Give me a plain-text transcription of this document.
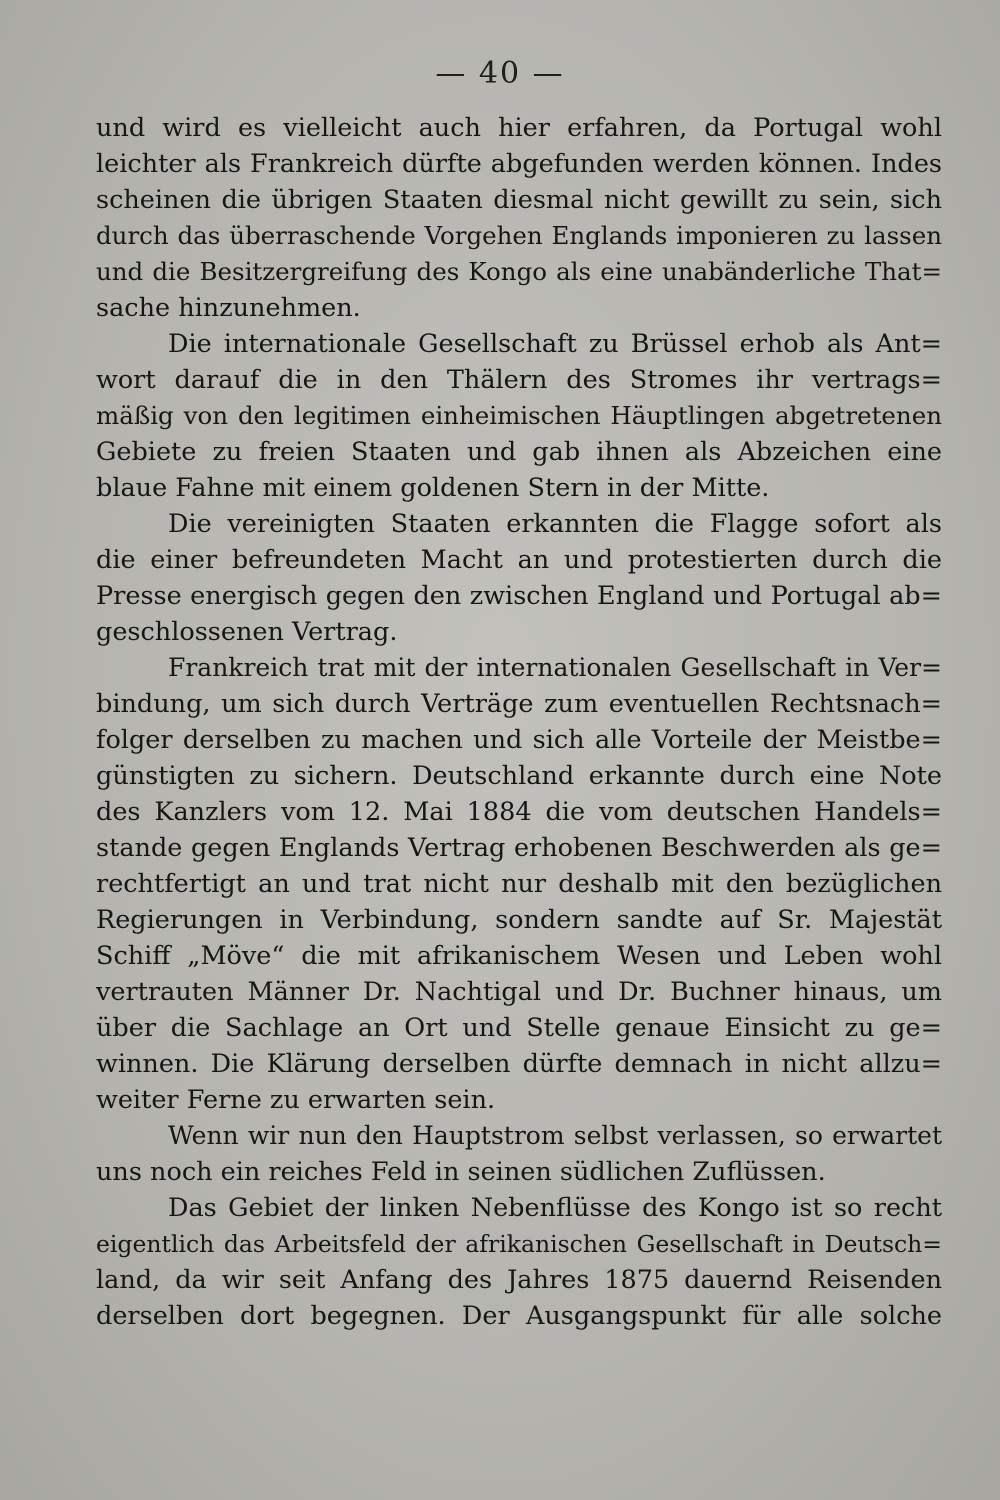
— 40 —
und wird es vielleicht auch hier erfahren, da Portugal wohl
leichter als Frankreich dürfte abgefunden werden können. Indes
scheinen die übrigen Staaten diesmal nicht gewillt zu sein, sich
durch das überraschende Vorgehen Englands imponieren zu lassen
und die Besitzergreifung des Kongo als eine unabänderliche That=
sache hinzunehmen.
Die internationale Gesellschaft zu Brüssel erhob als Ant=
wort darauf die in den Thälern des Stromes ihr vertrags=
mäßig von den legitimen einheimischen Häuptlingen abgetretenen
Gebiete zu freien Staaten und gab ihnen als Abzeichen eine
blaue Fahne mit einem goldenen Stern in der Mitte.
Die vereinigten Staaten erkannten die Flagge sofort als
die einer befreundeten Macht an und protestierten durch die
Presse energisch gegen den zwischen England und Portugal ab=
geschlossenen Vertrag.
Frankreich trat mit der internationalen Gesellschaft in Ver=
bindung, um sich durch Verträge zum eventuellen Rechtsnach=
folger derselben zu machen und sich alle Vorteile der Meistbe=
günstigten zu sichern. Deutschland erkannte durch eine Note
des Kanzlers vom 12. Mai 1884 die vom deutschen Handels=
stande gegen Englands Vertrag erhobenen Beschwerden als ge=
rechtfertigt an und trat nicht nur deshalb mit den bezüglichen
Regierungen in Verbindung, sondern sandte auf Sr. Majestät
Schiff „Möve“ die mit afrikanischem Wesen und Leben wohl
vertrauten Männer Dr. Nachtigal und Dr. Buchner hinaus, um
über die Sachlage an Ort und Stelle genaue Einsicht zu ge=
winnen. Die Klärung derselben dürfte demnach in nicht allzu=
weiter Ferne zu erwarten sein.
Wenn wir nun den Hauptstrom selbst verlassen, so erwartet
uns noch ein reiches Feld in seinen südlichen Zuflüssen.
Das Gebiet der linken Nebenflüsse des Kongo ist so recht
eigentlich das Arbeitsfeld der afrikanischen Gesellschaft in Deutsch=
land, da wir seit Anfang des Jahres 1875 dauernd Reisenden
derselben dort begegnen. Der Ausgangspunkt für alle solche
